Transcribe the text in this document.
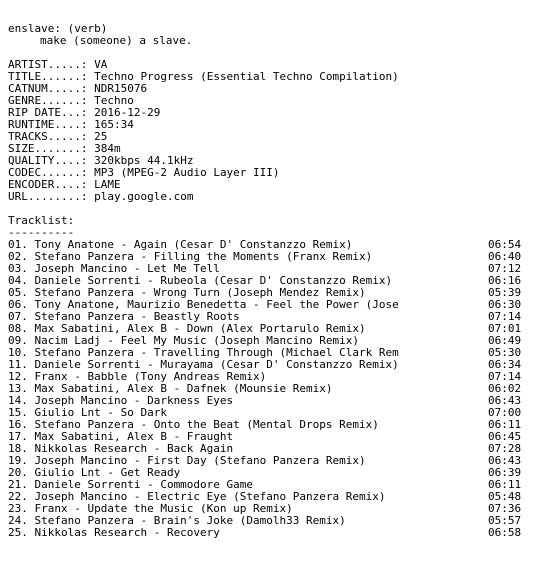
enslave: (verb)
make (someone) a slave.
ARTIST.....: VA
TITLE......: Techno Progress (Essential Techno Compilation)
CATNUM.....: NDR15076
GENRE......: Techno
RIP DATE...: 2016-12-29
RUNTIME....: 165:34
TRACKS.....: 25
SIZE.......: 384m
QUALITY....: 320kbps 44.1kHz
CODEC......: MP3 (MPEG-2 Audio Layer III)
ENCODER....: LAME
URL........: play.google.com
Tracklist:
----------
01. Tony Anatone - Again (Cesar D' Constanzzo Remix)	06:54
02. Stefano Panzera - Filling the Moments (Franx Remix)	06:40
03. Joseph Mancino - Let Me Tell	07:12
04. Daniele Sorrenti - Rubeola (Cesar D' Constanzzo Remix)	06:16
05. Stefano Panzera - Wrong Turn (Joseph Mendez Remix)	05:39
06. Tony Anatone, Maurizio Benedetta - Feel the Power (Jose	06:30
07. Stefano Panzera - Beastly Roots	07:14
08. Max Sabatini, Alex B - Down (Alex Portarulo Remix)	07:01
09. Nacim Ladj - Feel My Music (Joseph Mancino Remix)	06:49
10. Stefano Panzera - Travelling Through (Michael Clark Rem	05:30
11. Daniele Sorrenti - Murayama (Cesar D' Constanzzo Remix)	06:34
12. Franx - Babble (Tony Andreas Remix)	07:14
13. Max Sabatini, Alex B - Dafnek (Mounsie Remix)	06:02
14. Joseph Mancino - Darkness Eyes	06:43
15. Giulio Lnt - So Dark	07:00
16. Stefano Panzera - Onto the Beat (Mental Drops Remix)	06:11
17. Max Sabatini, Alex B - Fraught	06:45
18. Nikkolas Research - Back Again	07:28
19. Joseph Mancino - First Day (Stefano Panzera Remix)	06:43
20. Giulio Lnt - Get Ready	06:39
21. Daniele Sorrenti - Commodore Game	06:11
22. Joseph Mancino - Electric Eye (Stefano Panzera Remix)	05:48
23. Franx - Update the Music (Kon up Remix)	07:36
24. Stefano Panzera - Brain's Joke (Damolh33 Remix)	05:57
25. Nikkolas Research - Recovery	06:58
